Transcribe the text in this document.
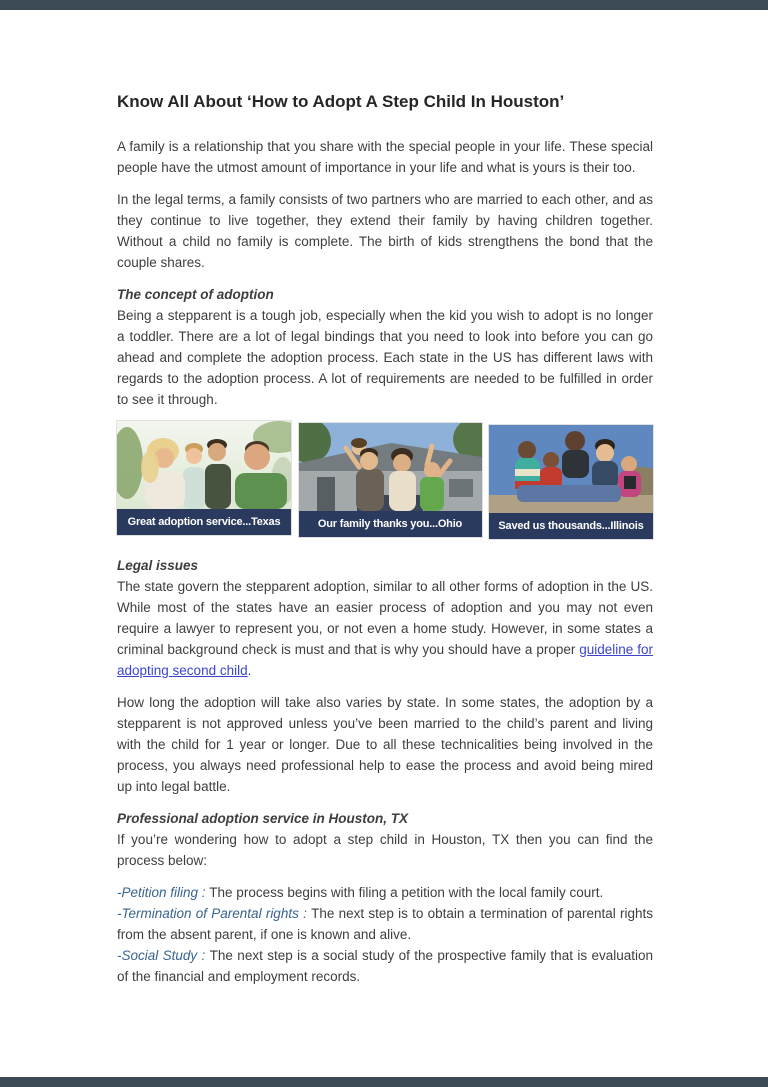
Know All About ‘How to Adopt A Step Child In Houston’

A family is a relationship that you share with the special people in your life. These special people have the utmost amount of importance in your life and what is yours is their too.

In the legal terms, a family consists of two partners who are married to each other, and as they continue to live together, they extend their family by having children together. Without a child no family is complete. The birth of kids strengthens the bond that the couple shares.

The concept of adoption

Being a stepparent is a tough job, especially when the kid you wish to adopt is no longer a toddler. There are a lot of legal bindings that you need to look into before you can go ahead and complete the adoption process. Each state in the US has different laws with regards to the adoption process. A lot of requirements are needed to be fulfilled in order to see it through.

Great adoption service...Texas	Our family thanks you...Ohio	Saved us thousands...Illinois
Legal issues

The state govern the stepparent adoption, similar to all other forms of adoption in the US. While most of the states have an easier process of adoption and you may not even require a lawyer to represent you, or not even a home study. However, in some states a criminal background check is must and that is why you should have a proper guideline for adopting second child.

How long the adoption will take also varies by state. In some states, the adoption by a stepparent is not approved unless you’ve been married to the child’s parent and living with the child for 1 year or longer. Due to all these technicalities being involved in the process, you always need professional help to ease the process and avoid being mired up into legal battle.

Professional adoption service in Houston, TX

If you’re wondering how to adopt a step child in Houston, TX then you can find the process below:

-Petition filing : The process begins with filing a petition with the local family court.

-Termination of Parental rights : The next step is to obtain a termination of parental rights from the absent parent, if one is known and alive.

-Social Study : The next step is a social study of the prospective family that is evaluation of the financial and employment records.
